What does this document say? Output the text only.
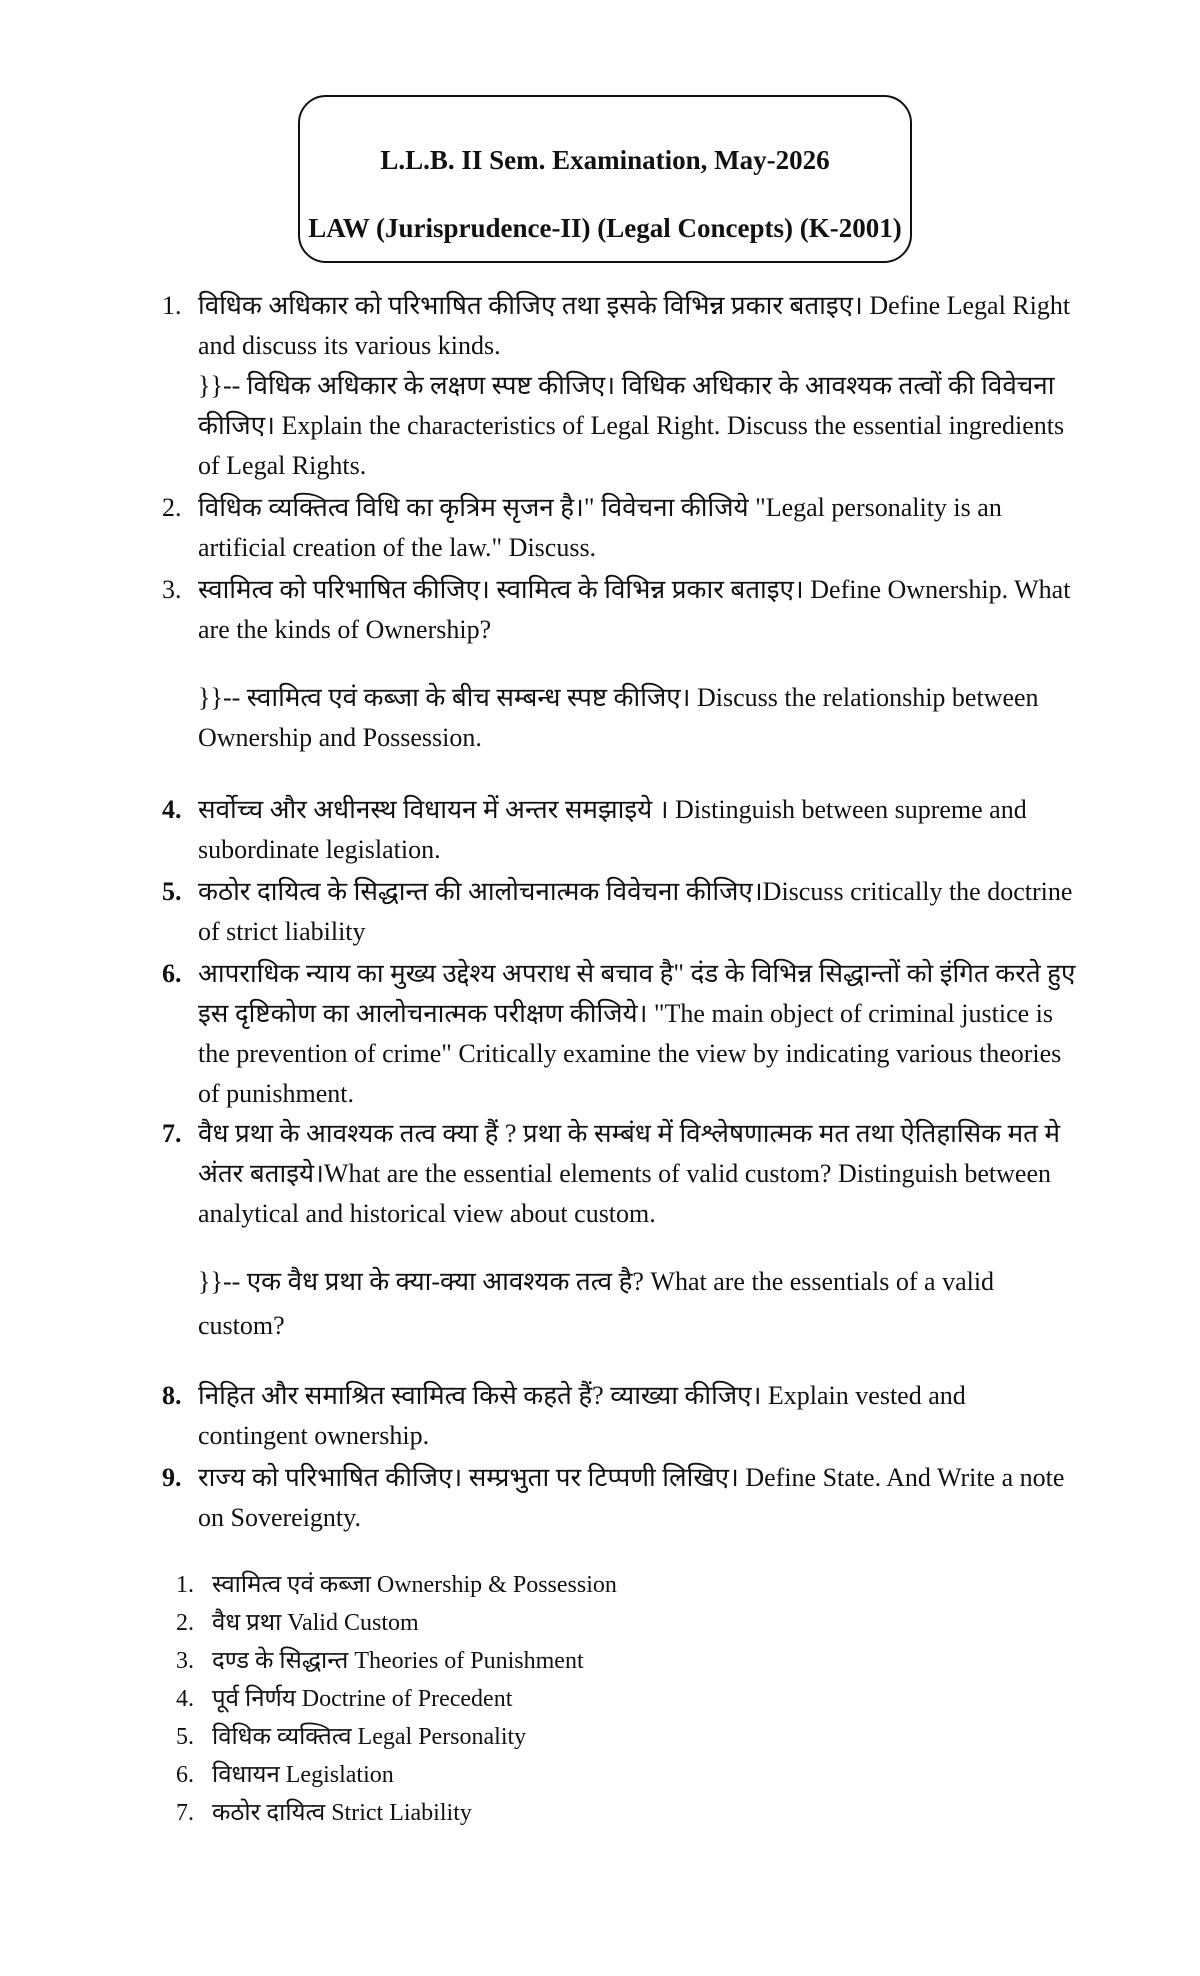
L.L.B. II Sem. Examination, May-2026
LAW (Jurisprudence-II) (Legal Concepts) (K-2001)
1. विधिक अधिकार को परिभाषित कीजिए तथा इसके विभिन्न प्रकार बताइए। Define Legal Right and discuss its various kinds.
}}-- विधिक अधिकार के लक्षण स्पष्ट कीजिए। विधिक अधिकार के आवश्यक तत्वों की विवेचना कीजिए। Explain the characteristics of Legal Right. Discuss the essential ingredients of Legal Rights.
2. विधिक व्यक्तित्व विधि का कृत्रिम सृजन है।" विवेचना कीजिये "Legal personality is an artificial creation of the law." Discuss.
3. स्वामित्व को परिभाषित कीजिए। स्वामित्व के विभिन्न प्रकार बताइए। Define Ownership. What are the kinds of Ownership?
}}-- स्वामित्व एवं कब्जा के बीच सम्बन्ध स्पष्ट कीजिए। Discuss the relationship between Ownership and Possession.
4. सर्वोच्च और अधीनस्थ विधायन में अन्तर समझाइये । Distinguish between supreme and subordinate legislation.
5. कठोर दायित्व के सिद्धान्त की आलोचनात्मक विवेचना कीजिए।Discuss critically the doctrine of strict liability
6. आपराधिक न्याय का मुख्य उद्देश्य अपराध से बचाव है" दंड के विभिन्न सिद्धान्तों को इंगित करते हुए इस दृष्टिकोण का आलोचनात्मक परीक्षण कीजिये। "The main object of criminal justice is the prevention of crime" Critically examine the view by indicating various theories of punishment.
7. वैध प्रथा के आवश्यक तत्व क्या हैं ? प्रथा के सम्बंध में विश्लेषणात्मक मत तथा ऐतिहासिक मत मे अंतर बताइये।What are the essential elements of valid custom? Distinguish between analytical and historical view about custom.
}}-- एक वैध प्रथा के क्या-क्या आवश्यक तत्व है? What are the essentials of a valid custom?
8. निहित और समाश्रित स्वामित्व किसे कहते हैं? व्याख्या कीजिए। Explain vested and contingent ownership.
9. राज्य को परिभाषित कीजिए। सम्प्रभुता पर टिप्पणी लिखिए। Define State. And Write a note on Sovereignty.
1. स्वामित्व एवं कब्जा Ownership & Possession
2. वैध प्रथा Valid Custom
3. दण्ड के सिद्धान्त Theories of Punishment
4. पूर्व निर्णय Doctrine of Precedent
5. विधिक व्यक्तित्व Legal Personality
6. विधायन Legislation
7. कठोर दायित्व Strict Liability
